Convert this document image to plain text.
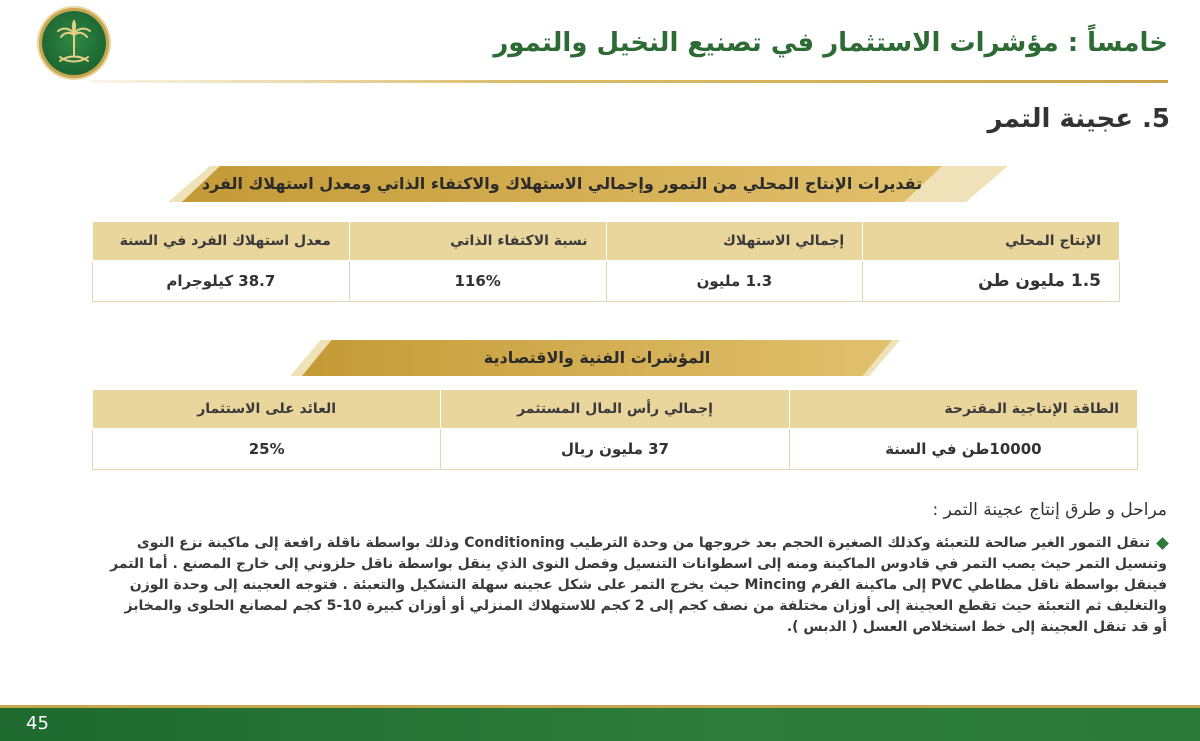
خامساً : مؤشرات الاستثمار في تصنيع النخيل والتمور
5. عجينة التمر
تقديرات الإنتاج المحلي من التمور وإجمالي الاستهلاك والاكتفاء الذاتي ومعدل استهلاك الفرد
الإنتاج المحلي	إجمالي الاستهلاك	نسبة الاكتفاء الذاتي	معدل استهلاك الفرد في السنة
1.5 مليون طن	1.3 مليون	116%	38.7 كيلوجرام
المؤشرات الفنية والاقتصادية
الطاقة الإنتاجية المقترحة	إجمالي رأس المال المستثمر	العائد على الاستثمار
10000طن في السنة	37 مليون ريال	25%

مراحل و طرق إنتاج عجينة التمر :

تنقل التمور الغير صالحة للتعبئة وكذلك الصغيرة الحجم بعد خروجها من وحدة الترطيب Conditioning وذلك بواسطة ناقلة رافعة إلى ماكينة نزع النوى وتنسيل التمر حيث يصب التمر في قادوس الماكينة ومنه إلى اسطوانات التنسيل وفصل النوى الذي ينقل بواسطة ناقل حلزوني إلى خارج المصنع . أما التمر فينقل بواسطة ناقل مطاطي PVC إلى ماكينة الفرم Mincing حيث يخرج التمر على شكل عجينه سهلة التشكيل والتعبئة . فتوجه العجينه إلى وحدة الوزن والتغليف ثم التعبئة حيث تقطع العجينة إلى أوزان مختلفة من نصف كجم إلى 2 كجم للاستهلاك المنزلي أو أوزان كبيرة 10-5 كجم لمصانع الحلوى والمخابز أو قد تنقل العجينة إلى خط استخلاص العسل ( الدبس ).

45
